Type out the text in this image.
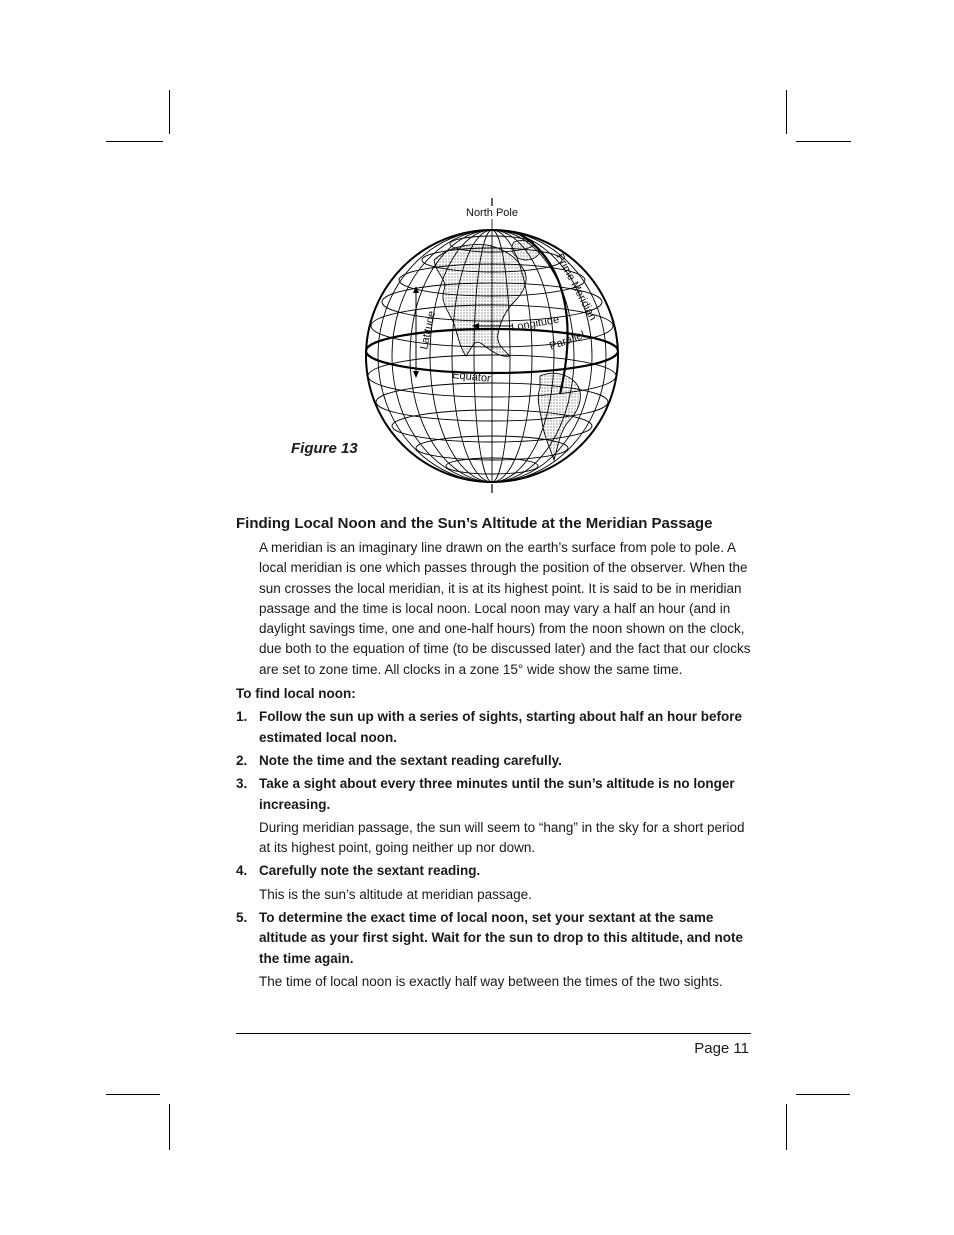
North Pole
Latitude	Longitude
Parallel
Equator
Prime Meridian
Figure 13
Finding Local Noon and the Sun’s Altitude at the Meridian Passage

A meridian is an imaginary line drawn on the earth’s surface from pole to pole. A local meridian is one which passes through the position of the observer. When the sun crosses the local meridian, it is at its highest point. It is said to be in meridian passage and the time is local noon. Local noon may vary a half an hour (and in daylight savings time, one and one-half hours) from the noon shown on the clock, due both to the equation of time (to be discussed later) and the fact that our clocks are set to zone time. All clocks in a zone 15° wide show the same time.

To find local noon:
1. Follow the sun up with a series of sights, starting about half an hour before estimated local noon.
2. Note the time and the sextant reading carefully.
3. Take a sight about every three minutes until the sun’s altitude is no longer increasing.
During meridian passage, the sun will seem to “hang” in the sky for a short period at its highest point, going neither up nor down.
4. Carefully note the sextant reading.
This is the sun’s altitude at meridian passage.
5. To determine the exact time of local noon, set your sextant at the same altitude as your first sight. Wait for the sun to drop to this altitude, and note the time again.
The time of local noon is exactly half way between the times of the two sights.
Page 11
